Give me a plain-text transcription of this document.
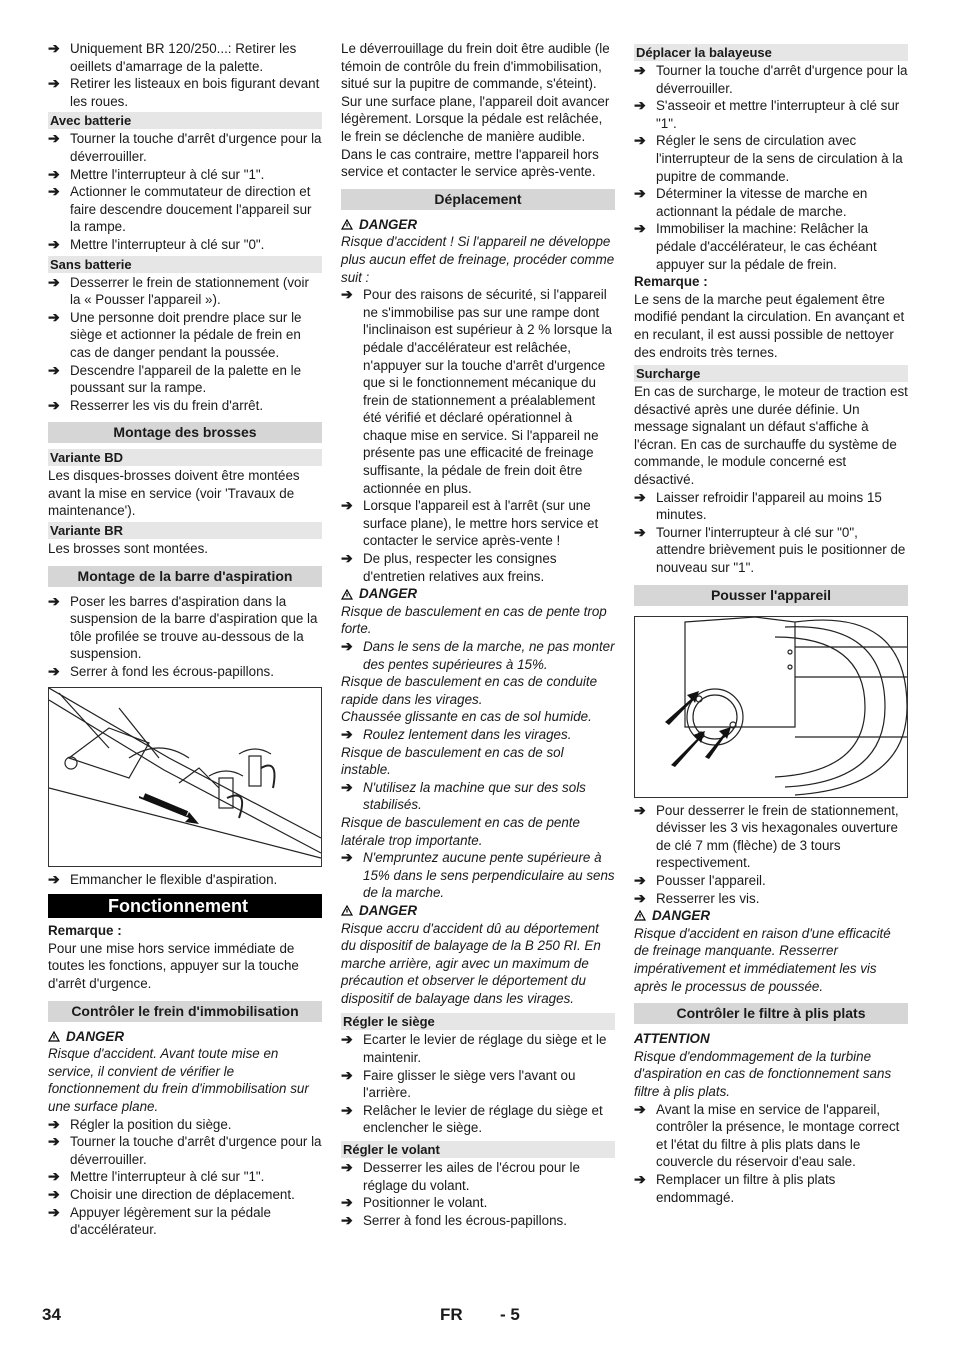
➔ Uniquement BR 120/250...: Retirer les oeillets d'amarrage de la palette.
➔ Retirer les listeaux en bois figurant devant les roues.
Avec batterie
➔ Tourner la touche d'arrêt d'urgence pour la déverrouiller.
➔ Mettre l'interrupteur à clé sur "1".
➔ Actionner le commutateur de direction et faire descendre doucement l'appareil sur la rampe.
➔ Mettre l'interrupteur à clé sur "0".
Sans batterie
➔ Desserrer le frein de stationnement (voir la « Pousser l'appareil »).
➔ Une personne doit prendre place sur le siège et actionner la pédale de frein en cas de danger pendant la poussée.
➔ Descendre l'appareil de la palette en le poussant sur la rampe.
➔ Resserrer les vis du frein d'arrêt.
Montage des brosses
Variante BD

Les disques-brosses doivent être montées avant la mise en service (voir 'Travaux de maintenance').

Variante BR

Les brosses sont montées.

Montage de la barre d'aspiration
➔ Poser les barres d'aspiration dans la suspension de la barre d'aspiration que la tôle profilée se trouve au-dessous de la suspension.
➔ Serrer à fond les écrous-papillons.
➔ Emmancher le flexible d'aspiration.
Fonctionnement

Remarque :

Pour une mise hors service immédiate de toutes les fonctions, appuyer sur la touche d'arrêt d'urgence.

Contrôler le frein d'immobilisation
DANGER

Risque d'accident. Avant toute mise en service, il convient de vérifier le fonctionnement du frein d'immobilisation sur une surface plane.

➔ Régler la position du siège.
➔ Tourner la touche d'arrêt d'urgence pour la déverrouiller.
➔ Mettre l'interrupteur à clé sur "1".
➔ Choisir une direction de déplacement.
➔ Appuyer légèrement sur la pédale d'accélérateur.

Le déverrouillage du frein doit être audible (le témoin de contrôle du frein d'immobilisation, situé sur la pupitre de commande, s'éteint). Sur une surface plane, l'appareil doit avancer légèrement. Lorsque la pédale est relâchée, le frein se déclenche de manière audible. Dans le cas contraire, mettre l'appareil hors service et contacter le service après-vente.

Déplacement
DANGER

Risque d'accident ! Si l'appareil ne développe plus aucun effet de freinage, procéder comme suit :

➔ Pour des raisons de sécurité, si l'appareil ne s'immobilise pas sur une rampe dont l'inclinaison est supérieur à 2 % lorsque la pédale d'accélérateur est relâchée, n'appuyer sur la touche d'arrêt d'urgence que si le fonctionnement mécanique du frein de stationnement a préalablement été vérifié et déclaré opérationnel à chaque mise en service. Si l'appareil ne présente pas une efficacité de freinage suffisante, la pédale de frein doit être actionnée en plus.
➔ Lorsque l'appareil est à l'arrêt (sur une surface plane), le mettre hors service et contacter le service après-vente !
➔ De plus, respecter les consignes d'entretien relatives aux freins.
DANGER

Risque de basculement en cas de pente trop forte.

➔ Dans le sens de la marche, ne pas monter des pentes supérieures à 15%.

Risque de basculement en cas de conduite rapide dans les virages.

Chaussée glissante en cas de sol humide.

➔ Roulez lentement dans les virages.

Risque de basculement en cas de sol instable.

➔ N'utilisez la machine que sur des sols stabilisés.

Risque de basculement en cas de pente latérale trop importante.

➔ N'empruntez aucune pente supérieure à 15% dans le sens perpendiculaire au sens de la marche.
DANGER

Risque accru d'accident dû au déportement du dispositif de balayage de la B 250 RI. En marche arrière, agir avec un maximum de précaution et observer le déportement du dispositif de balayage dans les virages.

Régler le siège
➔ Ecarter le levier de réglage du siège et le maintenir.
➔ Faire glisser le siège vers l'avant ou l'arrière.
➔ Relâcher le levier de réglage du siège et enclencher le siège.
Régler le volant
➔ Desserrer les ailes de l'écrou pour le réglage du volant.
➔ Positionner le volant.
➔ Serrer à fond les écrous-papillons.
Déplacer la balayeuse
➔ Tourner la touche d'arrêt d'urgence pour la déverrouiller.
➔ S'asseoir et mettre l'interrupteur à clé sur "1".
➔ Régler le sens de circulation avec l'interrupteur de la sens de circulation à la pupitre de commande.
➔ Déterminer la vitesse de marche en actionnant la pédale de marche.
➔ Immobiliser la machine: Relâcher la pédale d'accélérateur, le cas échéant appuyer sur la pédale de frein.

Remarque :

Le sens de la marche peut également être modifié pendant la circulation. En avançant et en reculant, il est aussi possible de nettoyer des endroits très ternes.

Surcharge

En cas de surcharge, le moteur de traction est désactivé après une durée définie. Un message signalant un défaut s'affiche à l'écran. En cas de surchauffe du système de commande, le module concerné est désactivé.

➔ Laisser refroidir l'appareil au moins 15 minutes.
➔ Tourner l'interrupteur à clé sur "0", attendre brièvement puis le positionner de nouveau sur "1".
Pousser l'appareil
➔ Pour desserrer le frein de stationnement, dévisser les 3 vis hexagonales ouverture de clé 7 mm (flèche) de 3 tours respectivement.
➔ Pousser l'appareil.
➔ Resserrer les vis.
DANGER

Risque d'accident en raison d'une efficacité de freinage manquante. Resserrer impérativement et immédiatement les vis après le processus de poussée.

Contrôler le filtre à plis plats
ATTENTION

Risque d'endommagement de la turbine d'aspiration en cas de fonctionnement sans filtre à plis plats.

➔ Avant la mise en service de l'appareil, contrôler la présence, le montage correct et l'état du filtre à plis plats dans le couvercle du réservoir d'eau sale.
➔ Remplacer un filtre à plis plats endommagé.
34	FR - 5
